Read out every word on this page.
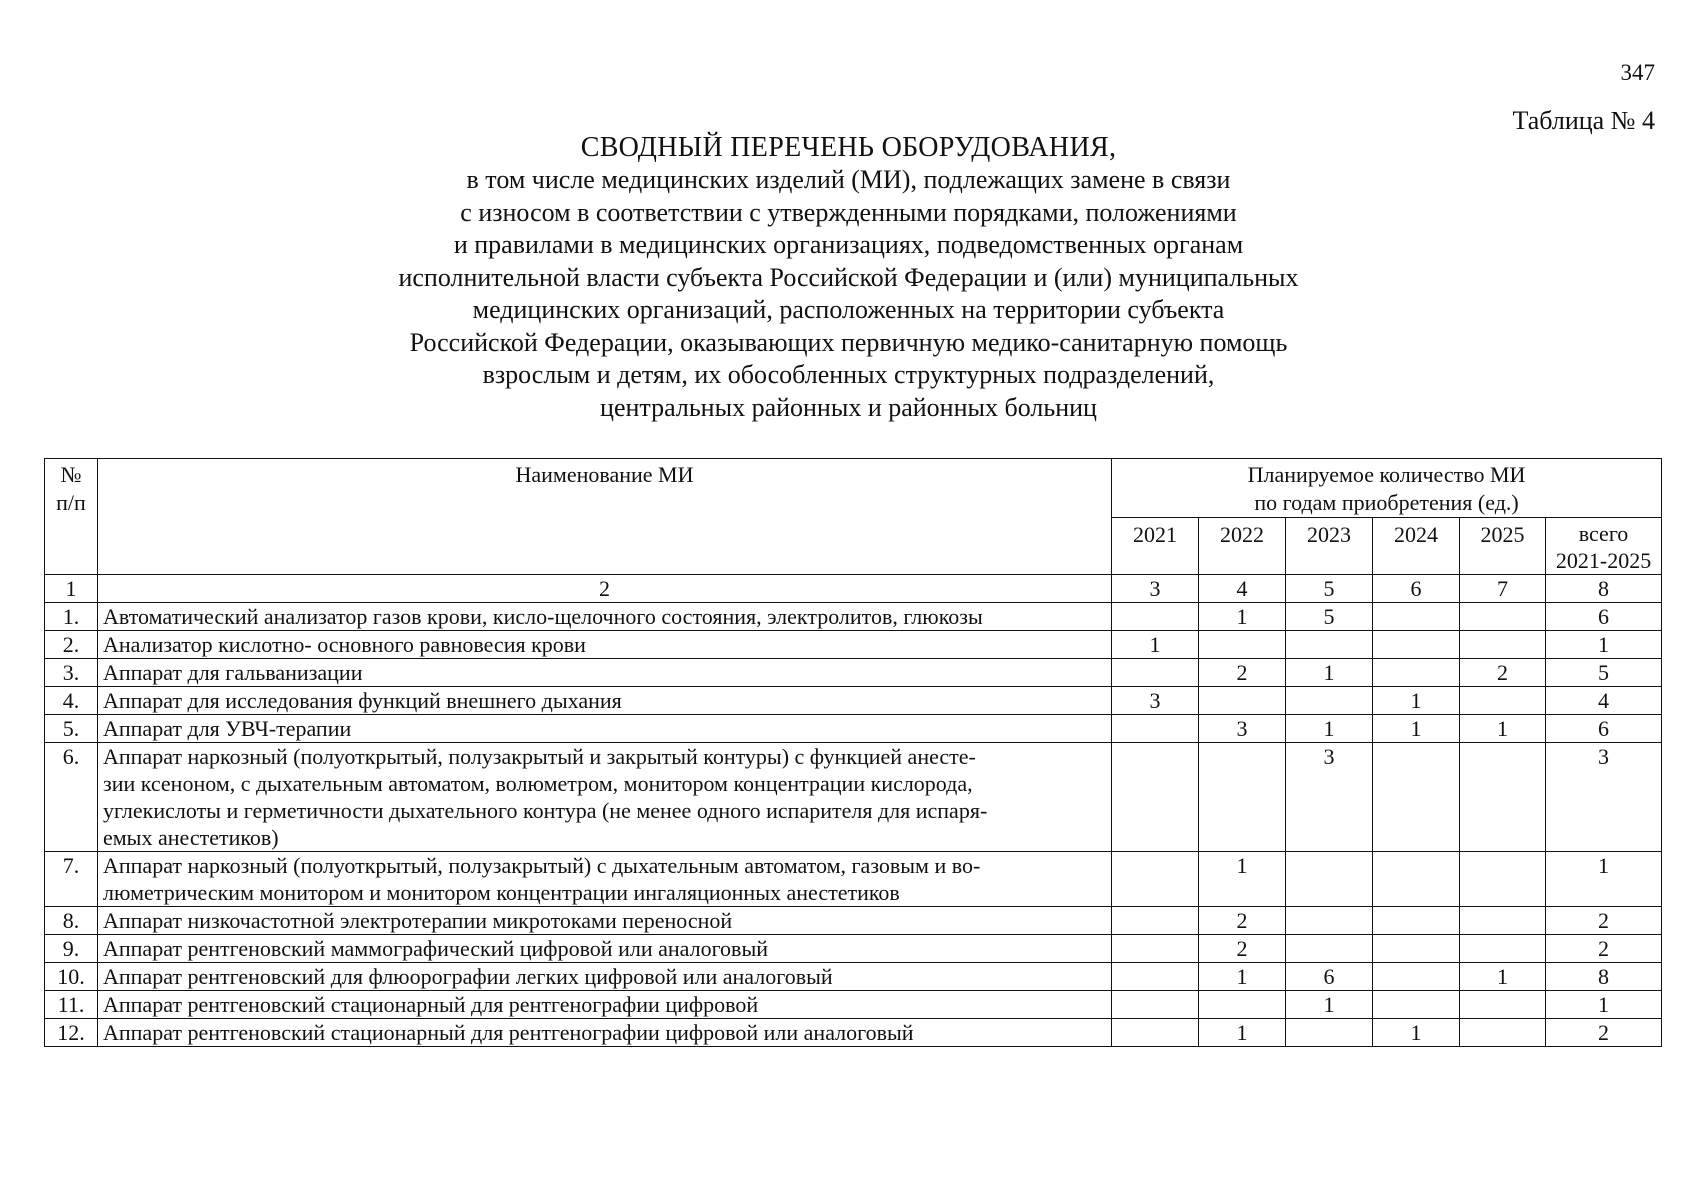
347
Таблица № 4
СВОДНЫЙ ПЕРЕЧЕНЬ ОБОРУДОВАНИЯ,
в том числе медицинских изделий (МИ), подлежащих замене в связи
с износом в соответствии с утвержденными порядками, положениями
и правилами в медицинских организациях, подведомственных органам
исполнительной власти субъекта Российской Федерации и (или) муниципальных
медицинских организаций, расположенных на территории субъекта
Российской Федерации, оказывающих первичную медико-санитарную помощь
взрослым и детям, их обособленных структурных подразделений,
центральных районных и районных больниц
№
п/п	Наименование МИ	Планируемое количество МИ
по годам приобретения (ед.)					
		2021	2022	2023	2024	2025	всего
2021-2025
1	2	3	4	5	6	7	8
1.	Автоматический анализатор газов крови, кисло-щелочного состояния, электролитов, глюкозы		1	5			6
2.	Анализатор кислотно- основного равновесия крови	1					1
3.	Аппарат для гальванизации		2	1		2	5
4.	Аппарат для исследования функций внешнего дыхания	3			1		4
5.	Аппарат для УВЧ-терапии		3	1	1	1	6
6.	Аппарат наркозный (полуоткрытый, полузакрытый и закрытый контуры) с функцией анесте-
зии ксеноном, с дыхательным автоматом, волюметром, монитором концентрации кислорода,
углекислоты и герметичности дыхательного контура (не менее одного испарителя для испаря-
емых анестетиков)			3			3
7.	Аппарат наркозный (полуоткрытый, полузакрытый) с дыхательным автоматом, газовым и во-
люметрическим монитором и монитором концентрации ингаляционных анестетиков		1				1
8.	Аппарат низкочастотной электротерапии микротоками переносной		2				2
9.	Аппарат рентгеновский маммографический цифровой или аналоговый		2				2
10.	Аппарат рентгеновский для флюорографии легких цифровой или аналоговый		1	6		1	8
11.	Аппарат рентгеновский стационарный для рентгенографии цифровой			1			1
12.	Аппарат рентгеновский стационарный для рентгенографии цифровой или аналоговый		1		1		2
